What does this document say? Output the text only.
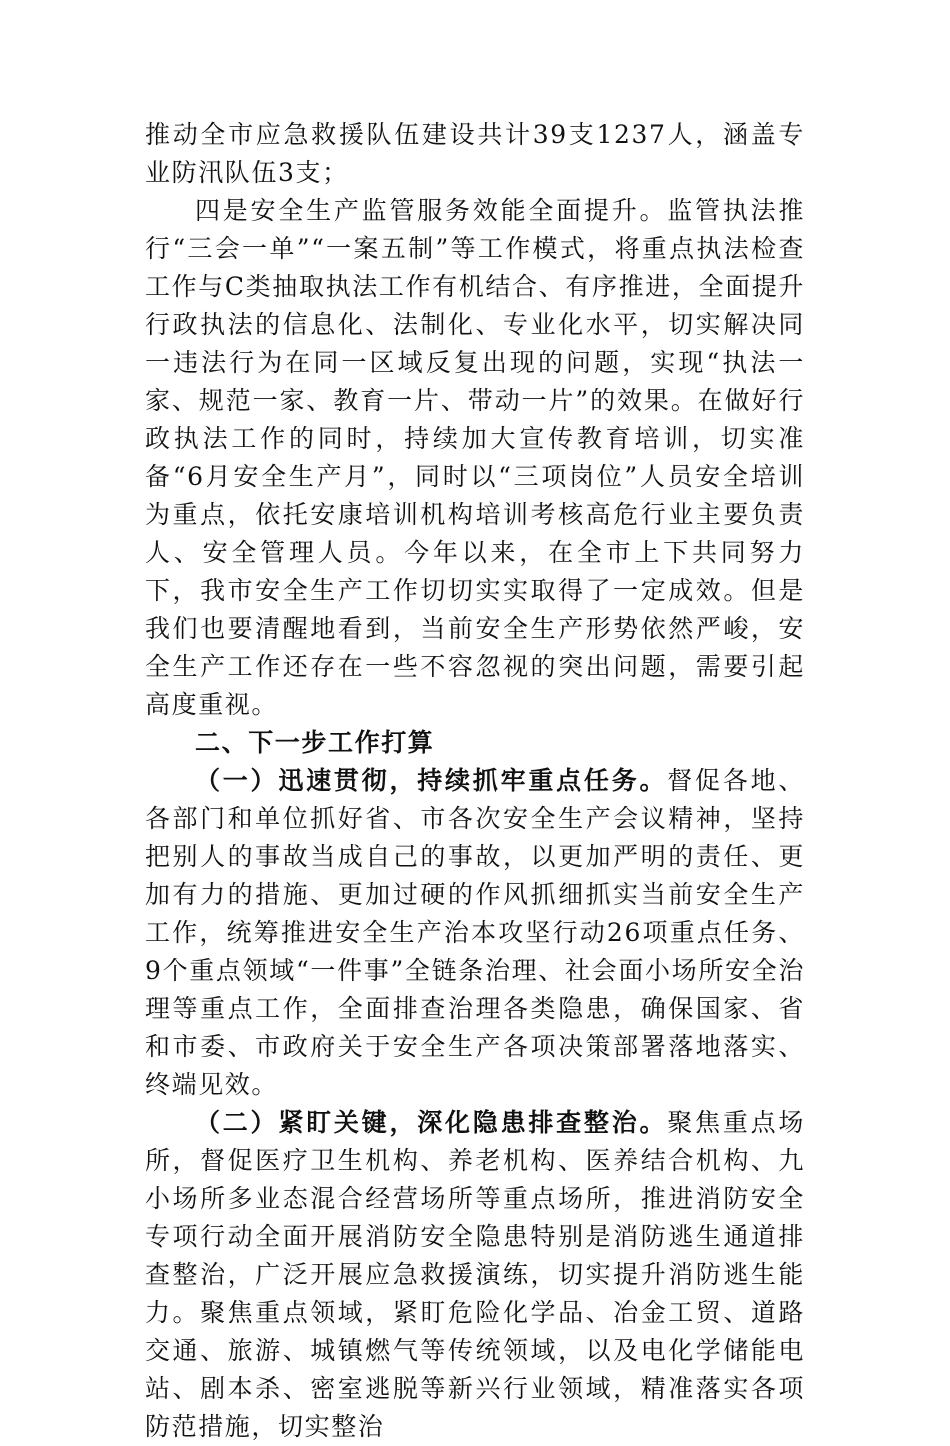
推动全市应急救援队伍建设共计39支1237人，涵盖专业防汛队伍3支；

四是安全生产监管服务效能全面提升。监管执法推行“三会一单”“一案五制”等工作模式，将重点执法检查工作与C类抽取执法工作有机结合、有序推进，全面提升行政执法的信息化、法制化、专业化水平，切实解决同一违法行为在同一区域反复出现的问题，实现“执法一家、规范一家、教育一片、带动一片”的效果。在做好行政执法工作的同时，持续加大宣传教育培训，切实准备“6月安全生产月”，同时以“三项岗位”人员安全培训为重点，依托安康培训机构培训考核高危行业主要负责人、安全管理人员。今年以来，在全市上下共同努力下，我市安全生产工作切切实实取得了一定成效。但是我们也要清醒地看到，当前安全生产形势依然严峻，安全生产工作还存在一些不容忽视的突出问题，需要引起高度重视。

二、下一步工作打算

（一）迅速贯彻，持续抓牢重点任务。督促各地、各部门和单位抓好省、市各次安全生产会议精神，坚持把别人的事故当成自己的事故，以更加严明的责任、更加有力的措施、更加过硬的作风抓细抓实当前安全生产工作，统筹推进安全生产治本攻坚行动26项重点任务、9个重点领域“一件事”全链条治理、社会面小场所安全治理等重点工作，全面排查治理各类隐患，确保国家、省和市委、市政府关于安全生产各项决策部署落地落实、终端见效。

（二）紧盯关键，深化隐患排查整治。聚焦重点场所，督促医疗卫生机构、养老机构、医养结合机构、九小场所多业态混合经营场所等重点场所，推进消防安全专项行动全面开展消防安全隐患特别是消防逃生通道排查整治，广泛开展应急救援演练，切实提升消防逃生能力。聚焦重点领域，紧盯危险化学品、冶金工贸、道路交通、旅游、城镇燃气等传统领域，以及电化学储能电站、剧本杀、密室逃脱等新兴行业领域，精准落实各项防范措施，切实整治
